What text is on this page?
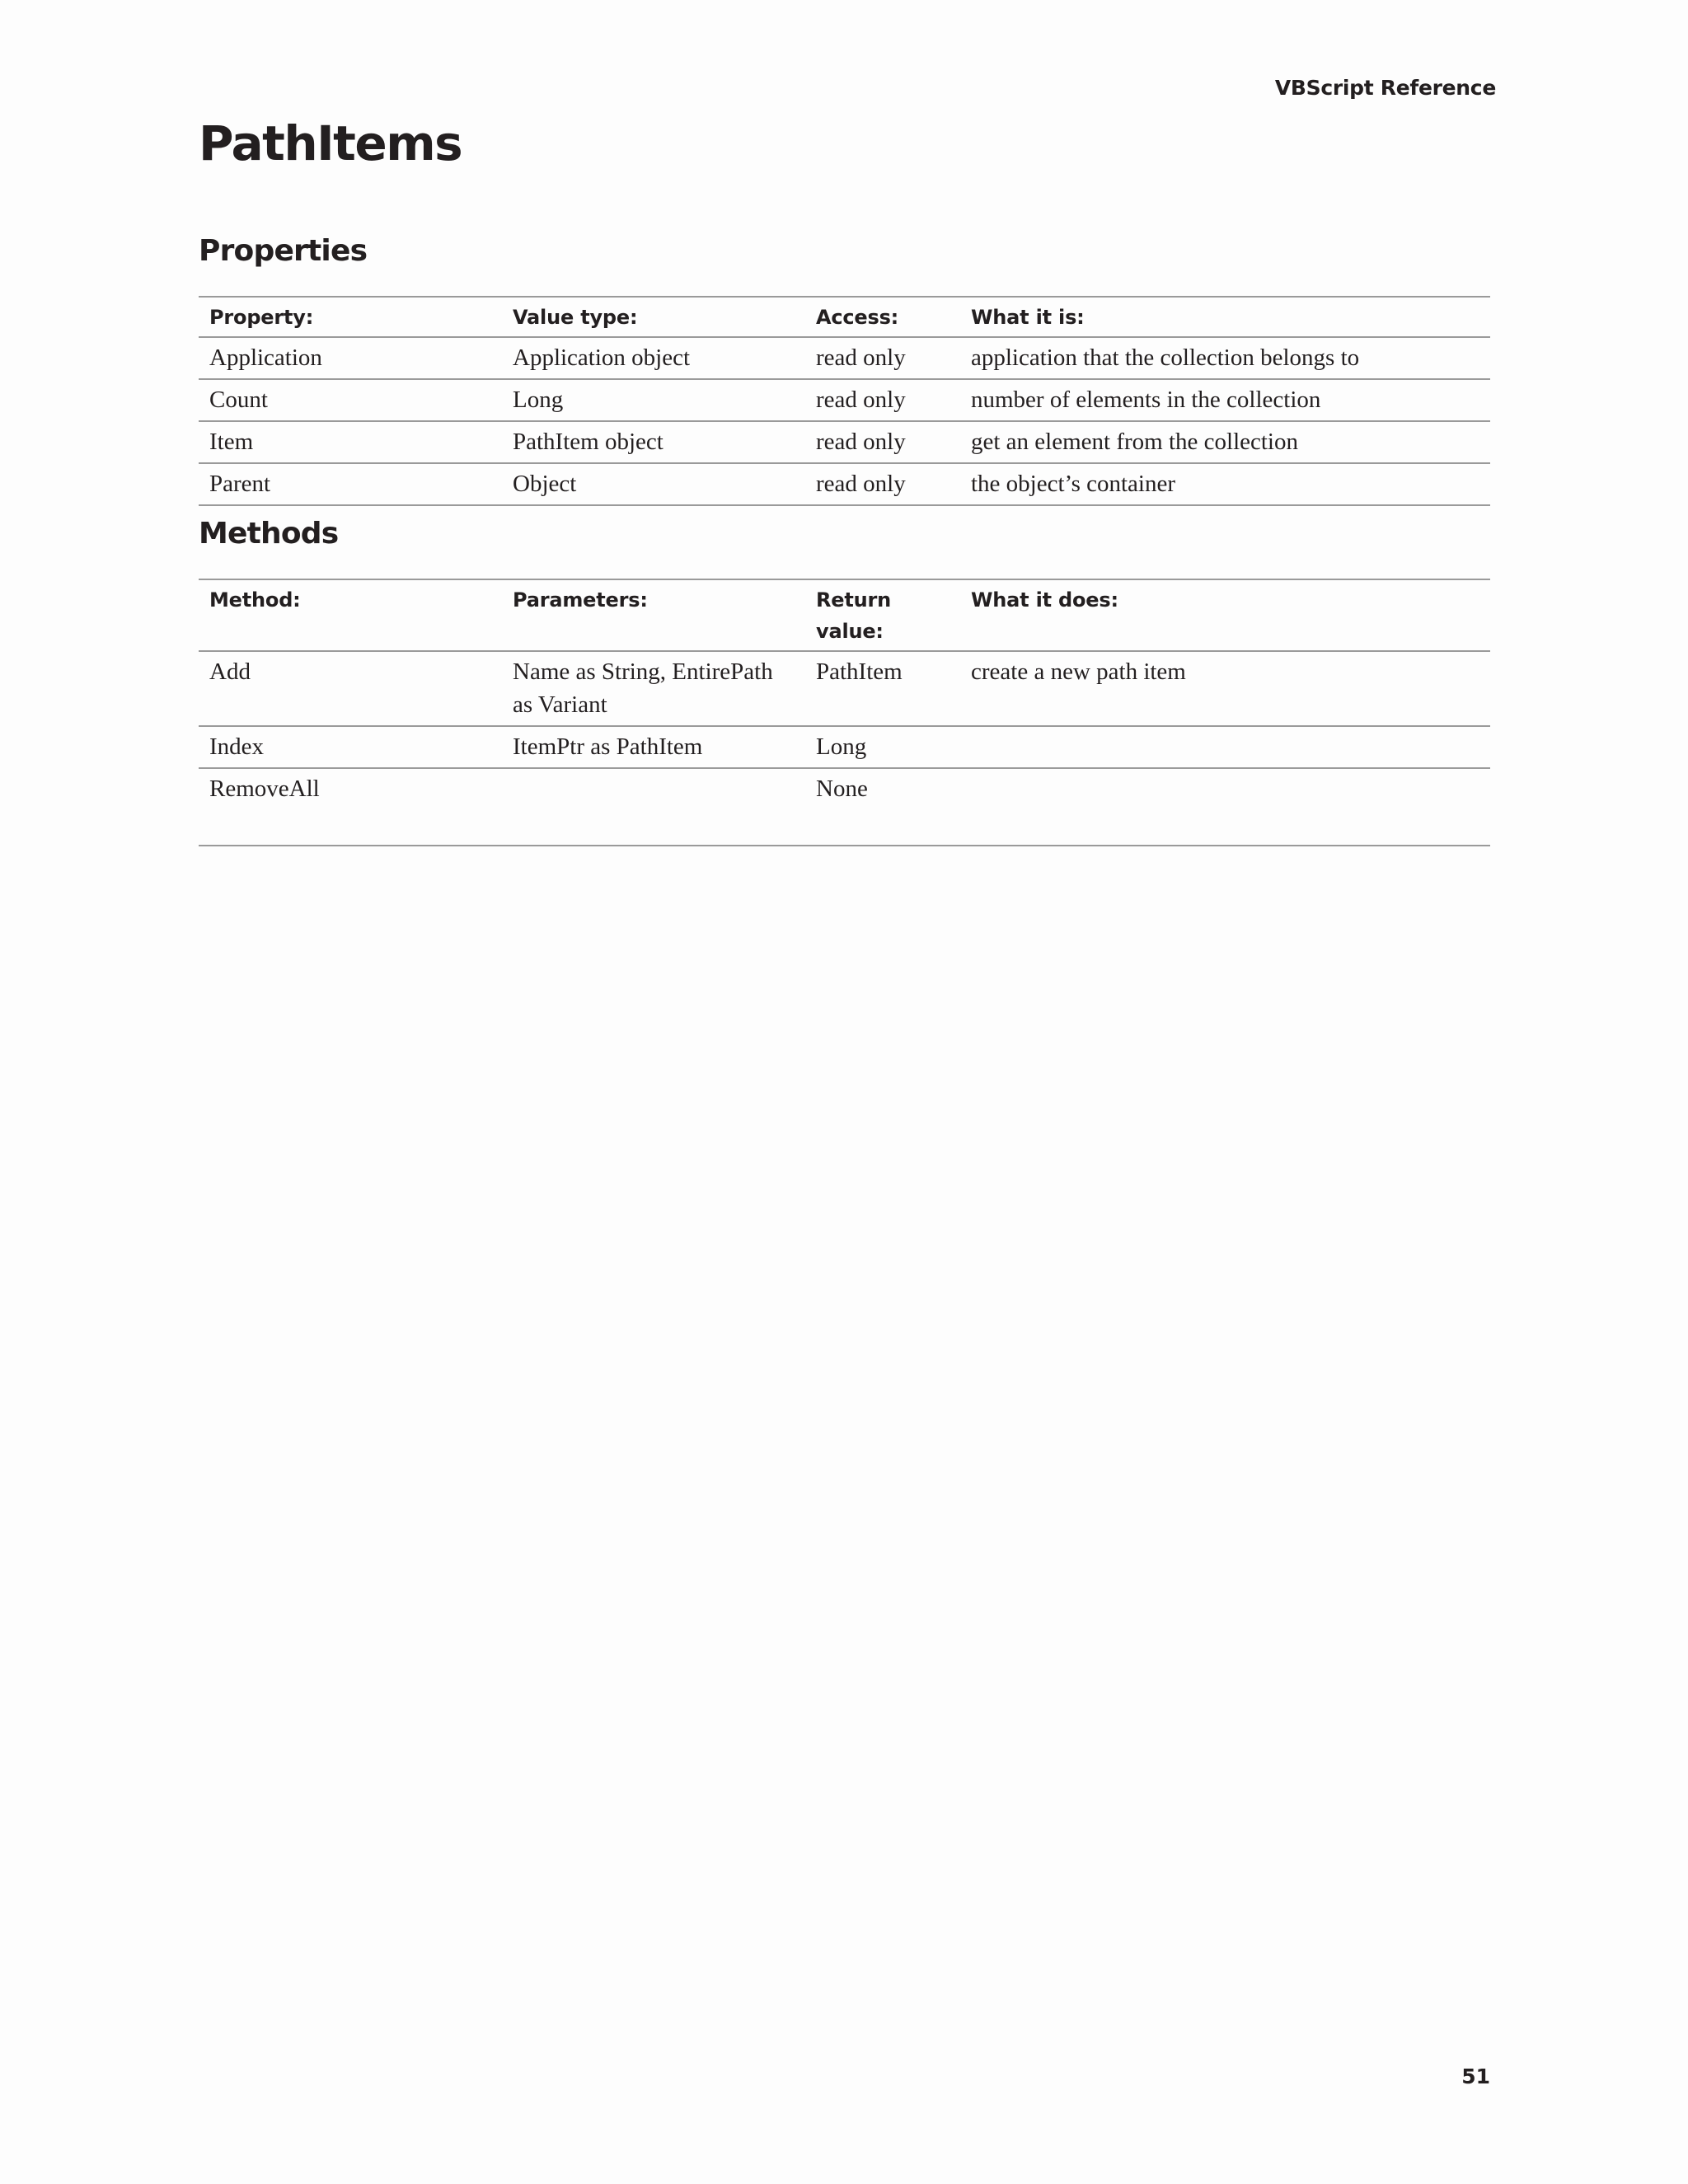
VBScript Reference
PathItems
Properties
Property:	Value type:	Access:	What it is:
Application	Application object	read only	application that the collection belongs to
Count	Long	read only	number of elements in the collection
Item	PathItem object	read only	get an element from the collection
Parent	Object	read only	the object’s container
Methods
Method:	Parameters:	Return value:	What it does:
Add	Name as String, EntirePath as Variant	PathItem	create a new path item
Index	ItemPtr as PathItem	Long	
RemoveAll		None	
51
